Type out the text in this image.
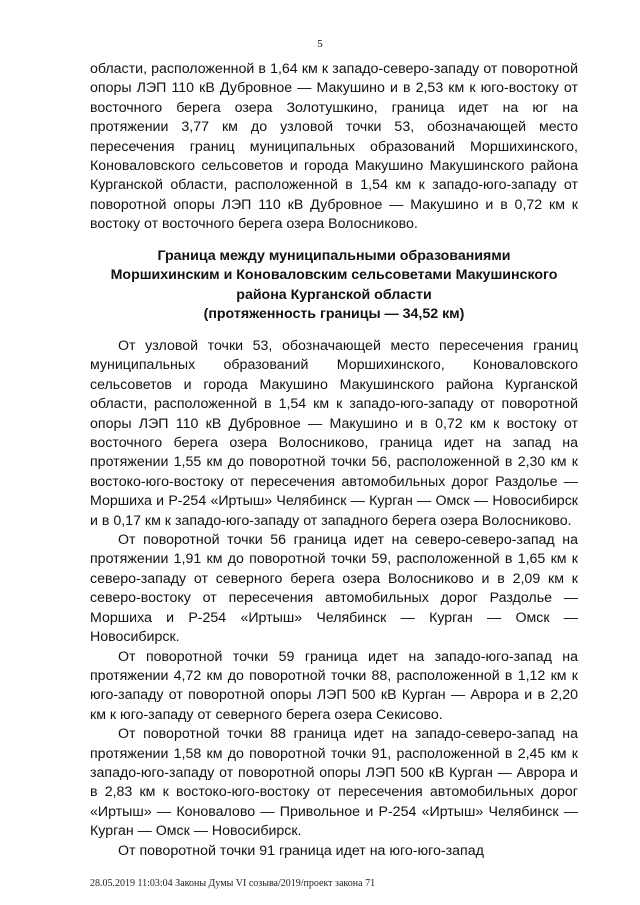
5
области, расположенной в 1,64 км к западо-северо-западу от поворотной опоры ЛЭП 110 кВ Дубровное — Макушино и в 2,53 км к юго-востоку от восточного берега озера Золотушкино, граница идет на юг на протяжении 3,77 км до узловой точки 53, обозначающей место пересечения границ муниципальных образований Моршихинского, Коноваловского сельсоветов и города Макушино Макушинского района Курганской области, расположенной в 1,54 км к западо-юго-западу от поворотной опоры ЛЭП 110 кВ Дубровное — Макушино и в 0,72 км к востоку от восточного берега озера Волосниково.
Граница между муниципальными образованиями
Моршихинским и Коноваловским сельсоветами Макушинского
района Курганской области
(протяженность границы — 34,52 км)

От узловой точки 53, обозначающей место пересечения границ муниципальных образований Моршихинского, Коноваловского сельсоветов и города Макушино Макушинского района Курганской области, расположенной в 1,54 км к западо-юго-западу от поворотной опоры ЛЭП 110 кВ Дубровное — Макушино и в 0,72 км к востоку от восточного берега озера Волосниково, граница идет на запад на протяжении 1,55 км до поворотной точки 56, расположенной в 2,30 км к востоко-юго-востоку от пересечения автомобильных дорог Раздолье — Моршиха и Р-254 «Иртыш» Челябинск — Курган — Омск — Новосибирск и в 0,17 км к западо-юго-западу от западного берега озера Волосниково.

От поворотной точки 56 граница идет на северо-северо-запад на протяжении 1,91 км до поворотной точки 59, расположенной в 1,65 км к северо-западу от северного берега озера Волосниково и в 2,09 км к северо-востоку от пересечения автомобильных дорог Раздолье — Моршиха и Р-254 «Иртыш» Челябинск — Курган — Омск — Новосибирск.

От поворотной точки 59 граница идет на западо-юго-запад на протяжении 4,72 км до поворотной точки 88, расположенной в 1,12 км к юго-западу от поворотной опоры ЛЭП 500 кВ Курган — Аврора и в 2,20 км к юго-западу от северного берега озера Секисово.

От поворотной точки 88 граница идет на западо-северо-запад на протяжении 1,58 км до поворотной точки 91, расположенной в 2,45 км к западо-юго-западу от поворотной опоры ЛЭП 500 кВ Курган — Аврора и в 2,83 км к востоко-юго-востоку от пересечения автомобильных дорог «Иртыш» — Коновалово — Привольное и Р-254 «Иртыш» Челябинск — Курган — Омск — Новосибирск.

От поворотной точки 91 граница идет на юго-юго-запад

28.05.2019 11:03:04 Законы Думы VI созыва/2019/проект закона 71
